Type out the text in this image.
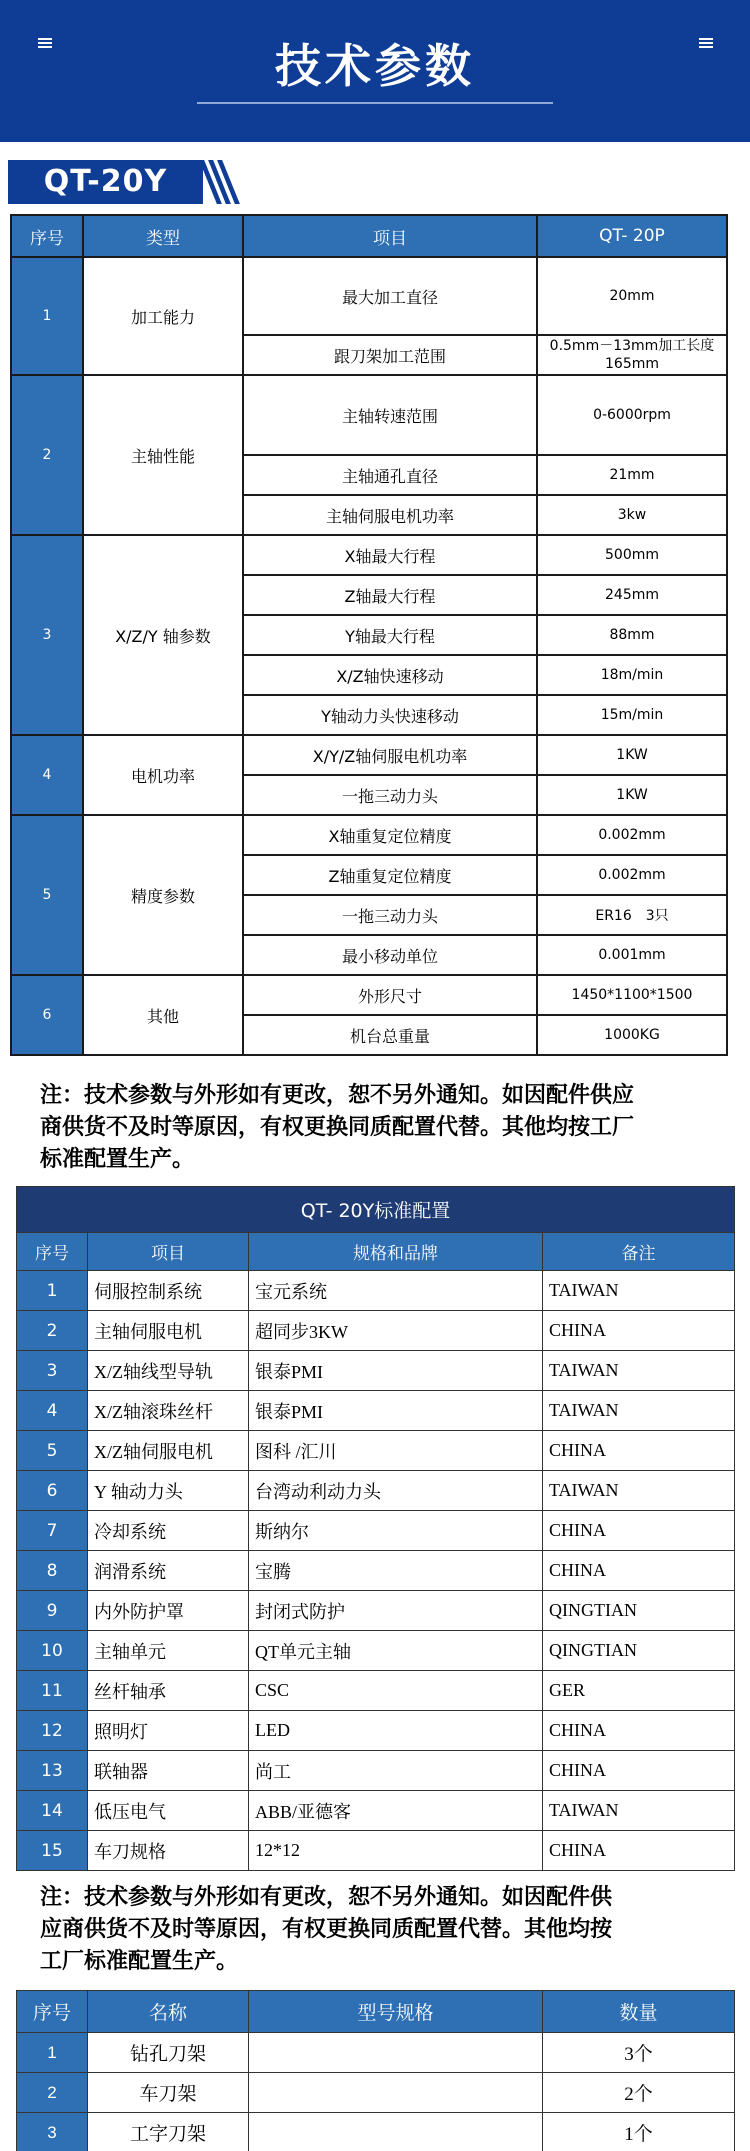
技术参数
QT-20Y
序号	类型	项目	QT- 20P
1	加工能力	最大加工直径	20mm
		跟刀架加工范围	0.5mm－13mm加工长度165mm
2	主轴性能	主轴转速范围	0-6000rpm
		主轴通孔直径	21mm
		主轴伺服电机功率	3kw
3	X/Z/Y 轴参数	X轴最大行程	500mm
		Z轴最大行程	245mm
		Y轴最大行程	88mm
		X/Z轴快速移动	18m/min
		Y轴动力头快速移动	15m/min
4	电机功率	X/Y/Z轴伺服电机功率	1KW
		一拖三动力头	1KW
5	精度参数	X轴重复定位精度	0.002mm
		Z轴重复定位精度	0.002mm
		一拖三动力头	ER16　3只
		最小移动单位	0.001mm
6	其他	外形尺寸	1450*1100*1500
		机台总重量	1000KG
注：技术参数与外形如有更改，恕不另外通知。如因配件供应
商供货不及时等原因，有权更换同质配置代替。其他均按工厂
标准配置生产。
QT- 20Y标准配置			
序号	项目	规格和品牌	备注
1	伺服控制系统	宝元系统	TAIWAN
2	主轴伺服电机	超同步3KW	CHINA
3	X/Z轴线型导轨	银泰PMI	TAIWAN
4	X/Z轴滚珠丝杆	银泰PMI	TAIWAN
5	X/Z轴伺服电机	图科 /汇川	CHINA
6	Y 轴动力头	台湾动利动力头	TAIWAN
7	冷却系统	斯纳尔	CHINA
8	润滑系统	宝腾	CHINA
9	内外防护罩	封闭式防护	QINGTIAN
10	主轴单元	QT单元主轴	QINGTIAN
11	丝杆轴承	CSC	GER
12	照明灯	LED	CHINA
13	联轴器	尚工	CHINA
14	低压电气	ABB/亚德客	TAIWAN
15	车刀规格	12*12	CHINA
注：技术参数与外形如有更改，恕不另外通知。如因配件供
应商供货不及时等原因，有权更换同质配置代替。其他均按
工厂标准配置生产。
序号	名称	型号规格	数量
1	钻孔刀架		3个
2	车刀架		2个
3	工字刀架		1个
